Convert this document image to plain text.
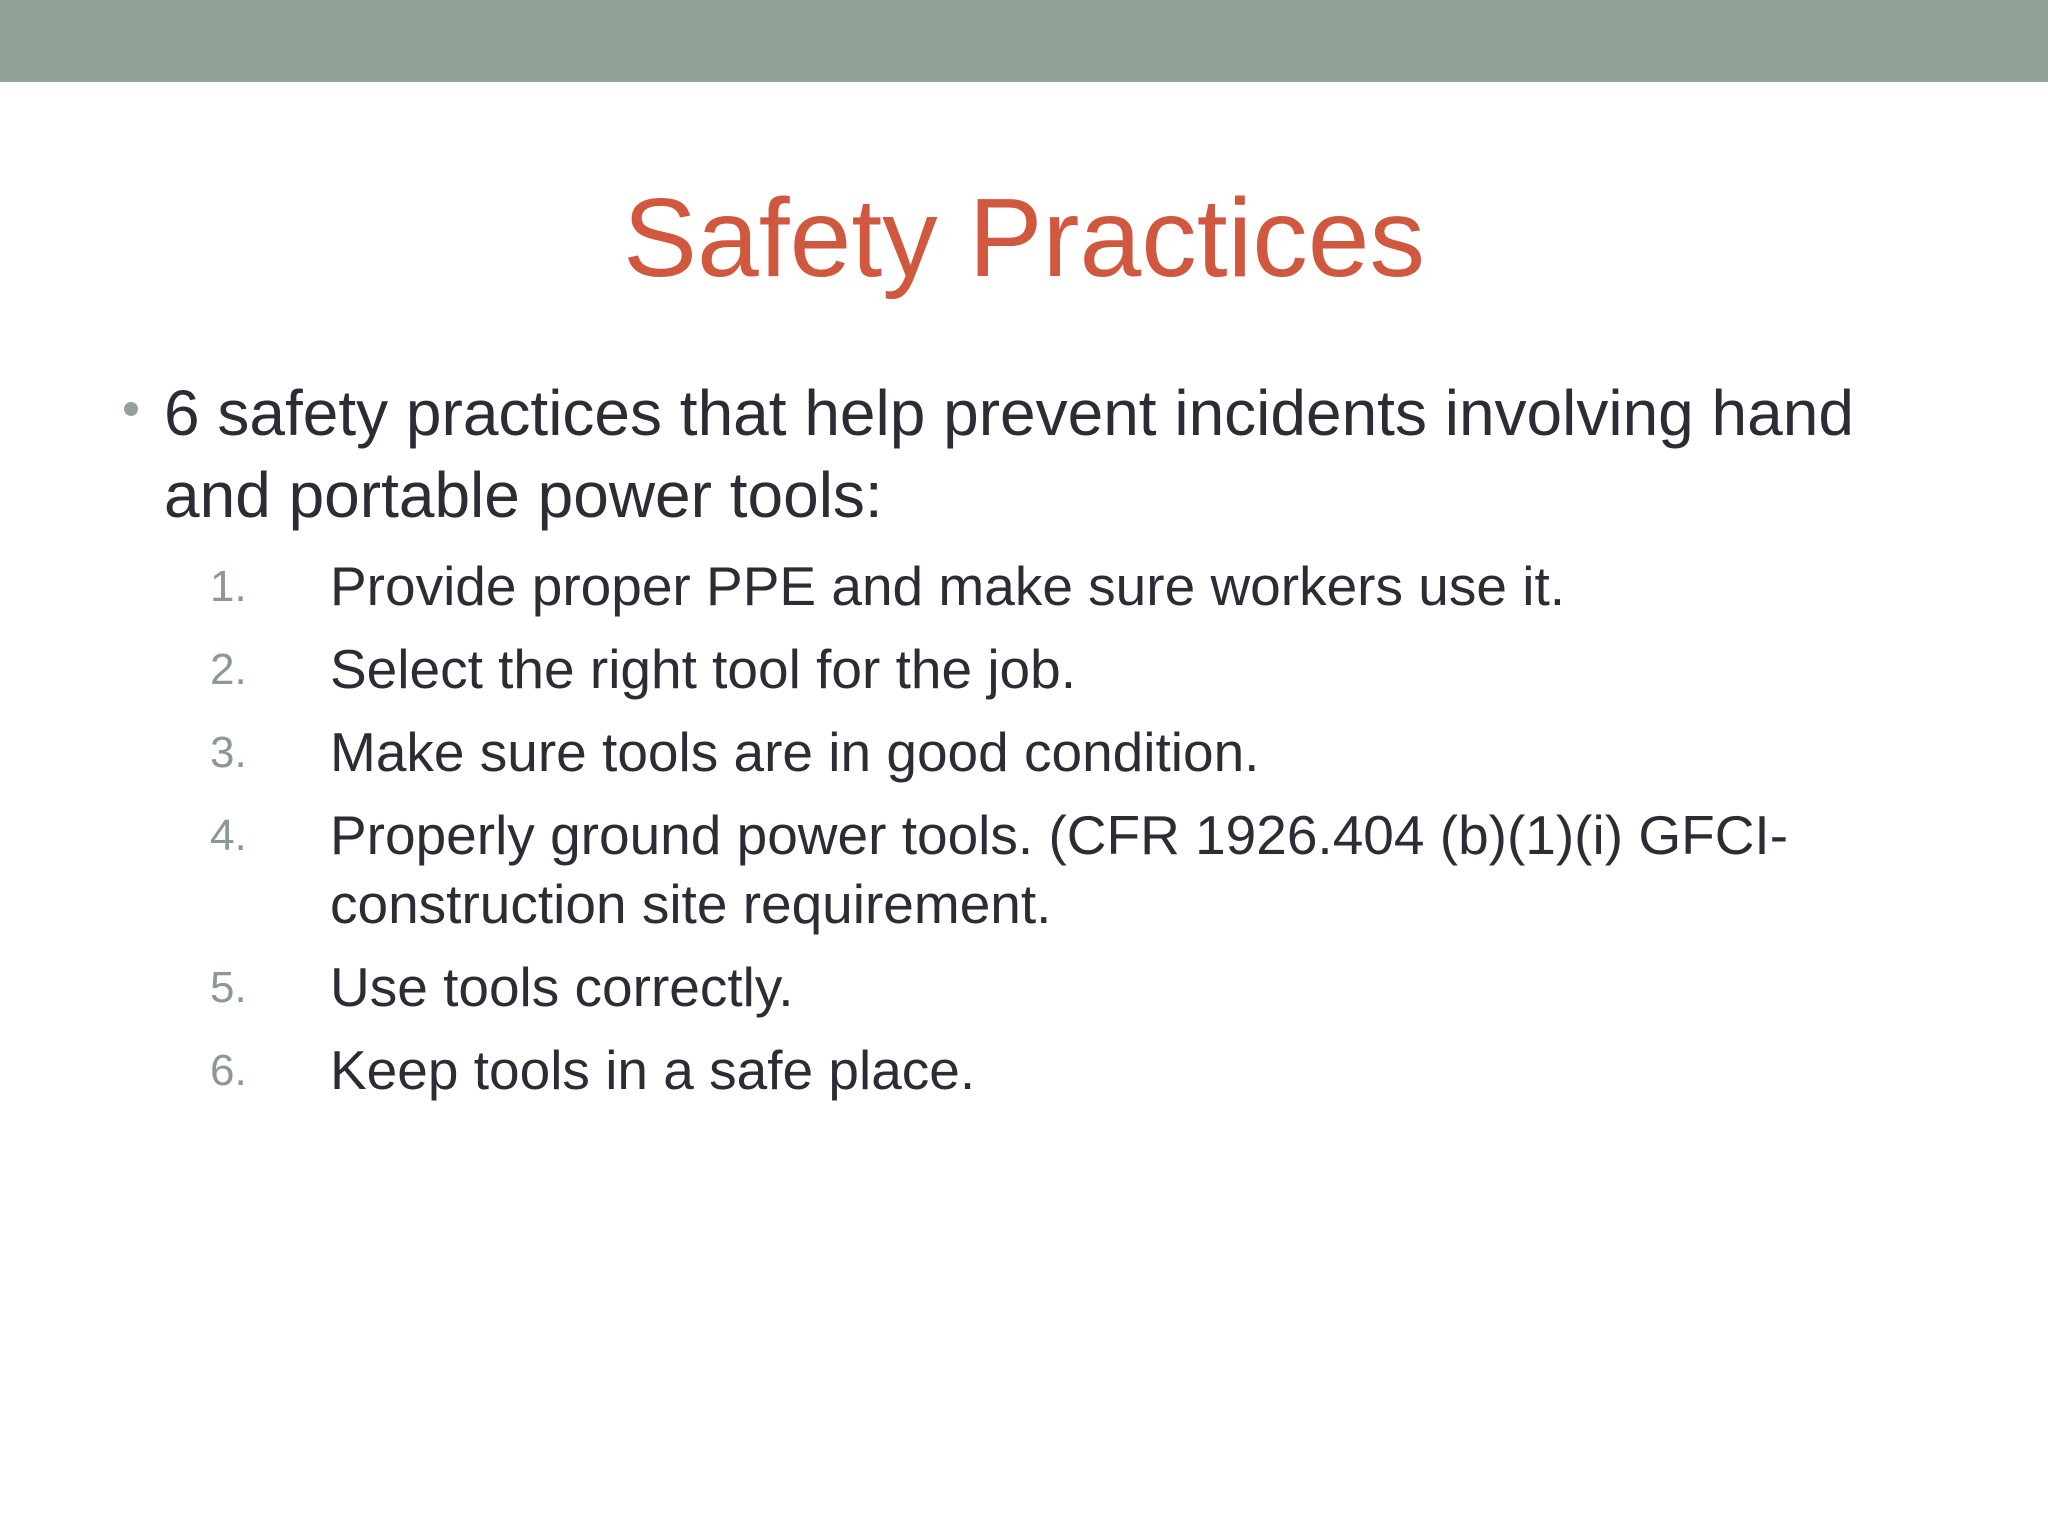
Safety Practices
6 safety practices that help prevent incidents involving hand and portable power tools:
1. Provide proper PPE and make sure workers use it.
2. Select the right tool for the job.
3. Make sure tools are in good condition.
4. Properly ground power tools. (CFR 1926.404 (b)(1)(i) GFCI- construction site requirement.
5. Use tools correctly.
6. Keep tools in a safe place.
